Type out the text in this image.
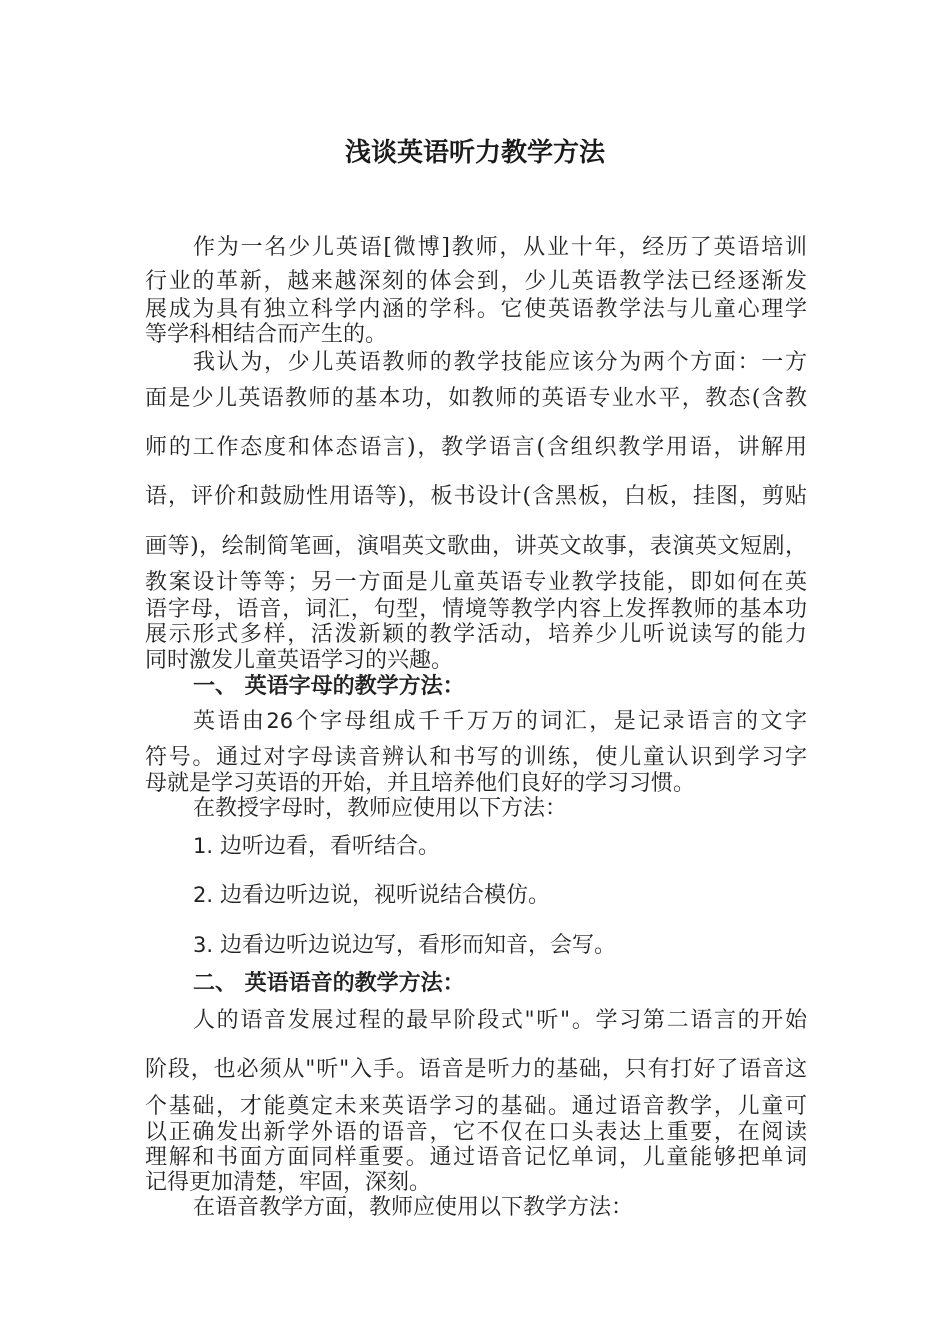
浅谈英语听力教学方法
作为一名少儿英语[微博]教师，从业十年，经历了英语培训
行业的革新，越来越深刻的体会到，少儿英语教学法已经逐渐发
展成为具有独立科学内涵的学科。它使英语教学法与儿童心理学
等学科相结合而产生的。
我认为，少儿英语教师的教学技能应该分为两个方面：一方
面是少儿英语教师的基本功，如教师的英语专业水平，教态(含教
师的工作态度和体态语言)，教学语言(含组织教学用语，讲解用
语，评价和鼓励性用语等)，板书设计(含黑板，白板，挂图，剪贴
画等)，绘制简笔画，演唱英文歌曲，讲英文故事，表演英文短剧，
教案设计等等；另一方面是儿童英语专业教学技能，即如何在英
语字母，语音，词汇，句型，情境等教学内容上发挥教师的基本功
展示形式多样，活泼新颖的教学活动，培养少儿听说读写的能力
同时激发儿童英语学习的兴趣。
一、 英语字母的教学方法：
英语由26个字母组成千千万万的词汇，是记录语言的文字
符号。通过对字母读音辨认和书写的训练，使儿童认识到学习字
母就是学习英语的开始，并且培养他们良好的学习习惯。
在教授字母时，教师应使用以下方法：
1. 边听边看，看听结合。
2. 边看边听边说，视听说结合模仿。
3. 边看边听边说边写，看形而知音，会写。
二、 英语语音的教学方法：
人的语音发展过程的最早阶段式"听"。学习第二语言的开始
阶段，也必须从"听"入手。语音是听力的基础，只有打好了语音这
个基础，才能奠定未来英语学习的基础。通过语音教学，儿童可
以正确发出新学外语的语音，它不仅在口头表达上重要，在阅读
理解和书面方面同样重要。通过语音记忆单词，儿童能够把单词
记得更加清楚，牢固，深刻。
在语音教学方面，教师应使用以下教学方法：
